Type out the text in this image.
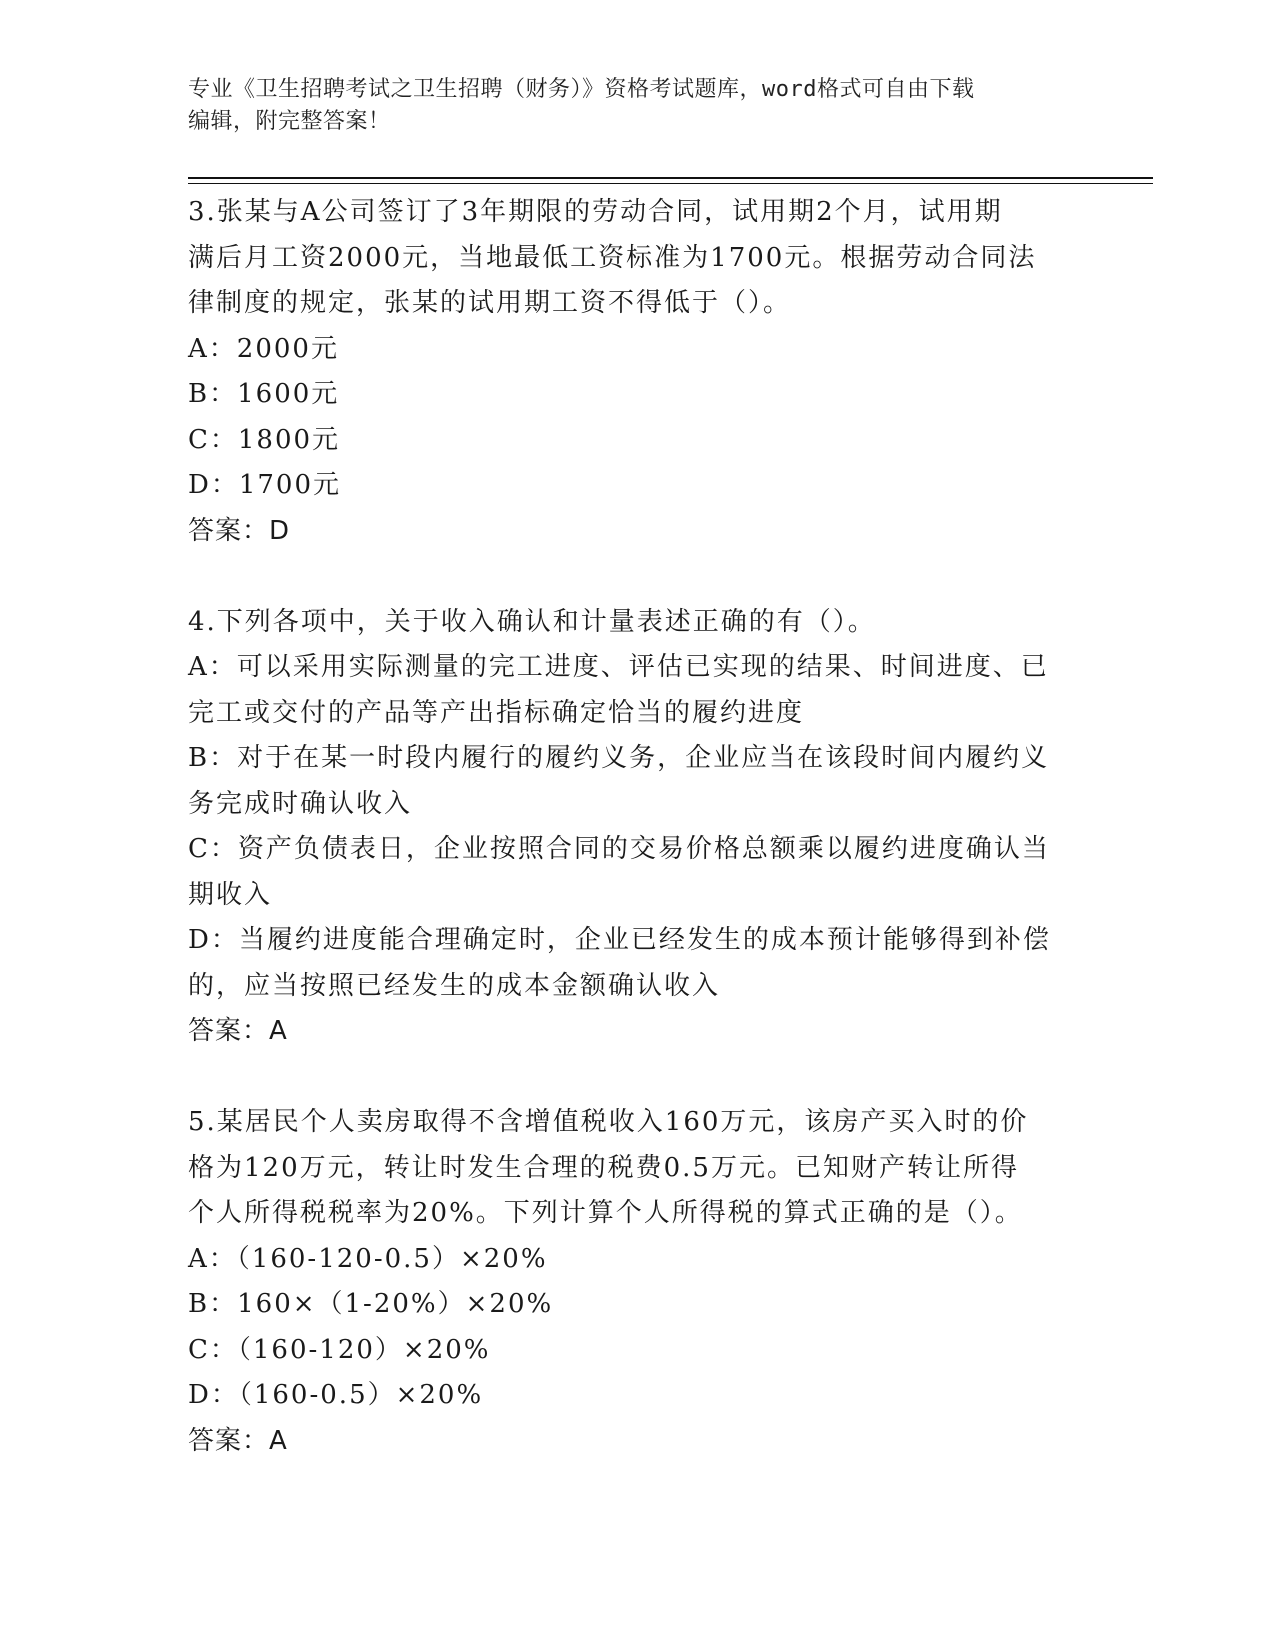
专业《卫生招聘考试之卫生招聘（财务）》资格考试题库，word格式可自由下载
编辑，附完整答案！
3.张某与A公司签订了3年期限的劳动合同，试用期2个月，试用期
满后月工资2000元，当地最低工资标准为1700元。根据劳动合同法
律制度的规定，张某的试用期工资不得低于（）。
A：2000元
B：1600元
C：1800元
D：1700元
答案：D
4.下列各项中，关于收入确认和计量表述正确的有（）。
A：可以采用实际测量的完工进度、评估已实现的结果、时间进度、已
完工或交付的产品等产出指标确定恰当的履约进度
B：对于在某一时段内履行的履约义务，企业应当在该段时间内履约义
务完成时确认收入
C：资产负债表日，企业按照合同的交易价格总额乘以履约进度确认当
期收入
D：当履约进度能合理确定时，企业已经发生的成本预计能够得到补偿
的，应当按照已经发生的成本金额确认收入
答案：A
5.某居民个人卖房取得不含增值税收入160万元，该房产买入时的价
格为120万元，转让时发生合理的税费0.5万元。已知财产转让所得
个人所得税税率为20%。下列计算个人所得税的算式正确的是（）。
A：（160-120-0.5）×20%
B：160×（1-20%）×20%
C：（160-120）×20%
D：（160-0.5）×20%
答案：A
